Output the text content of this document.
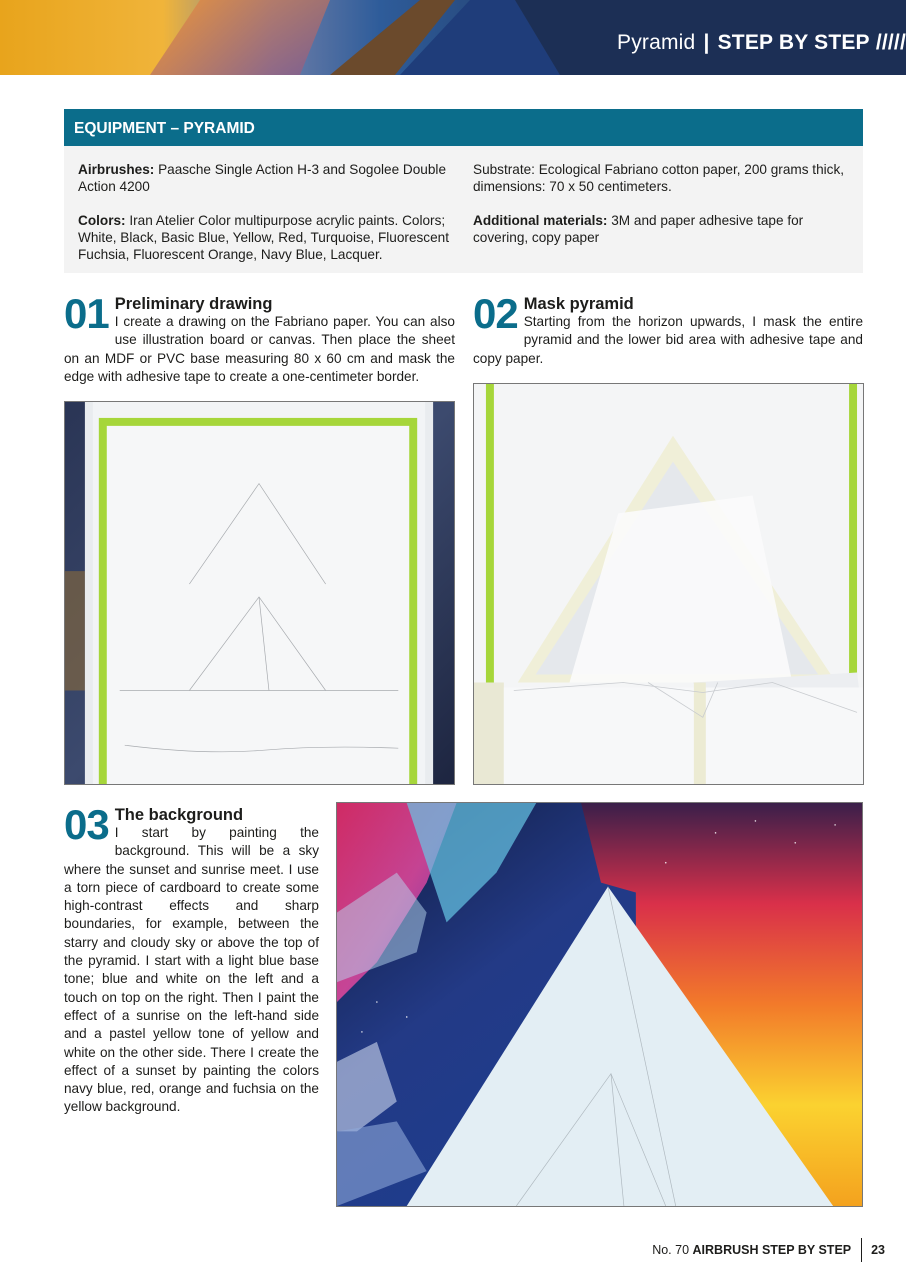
Pyramid | STEP BY STEP /////
EQUIPMENT – PYRAMID

Airbrushes: Paasche Single Action H-3 and Sogolee Double Action 4200

Colors: Iran Atelier Color multipurpose acrylic paints. Colors; White, Black, Basic Blue, Yellow, Red, Turquoise, Fluorescent Fuchsia, Fluorescent Orange, Navy Blue, Lacquer.

Substrate: Ecological Fabriano cotton paper, 200 grams thick, dimensions: 70 x 50 centimeters.

Additional materials: 3M and paper adhesive tape for covering, copy paper

01 Preliminary drawing
I create a drawing on the Fabriano paper. You can also use illustration board or canvas. Then place the sheet on an MDF or PVC base measuring 80 x 60 cm and mask the edge with adhesive tape to create a one-centimeter border.
02 Mask pyramid
Starting from the horizon upwards, I mask the entire pyramid and the lower bid area with adhesive tape and copy paper.
03 The background
I start by painting the background. This will be a sky where the sunset and sunrise meet. I use a torn piece of cardboard to create some high-contrast effects and sharp boundaries, for example, between the starry and cloudy sky or above the top of the pyramid. I start with a light blue base tone; blue and white on the left and a touch on top on the right. Then I paint the effect of a sunrise on the left-hand side and a pastel yellow tone of yellow and white on the other side. There I create the effect of a sunset by painting the colors navy blue, red, orange and fuchsia on the yellow background.
No. 70 AIRBRUSH STEP BY STEP 23
